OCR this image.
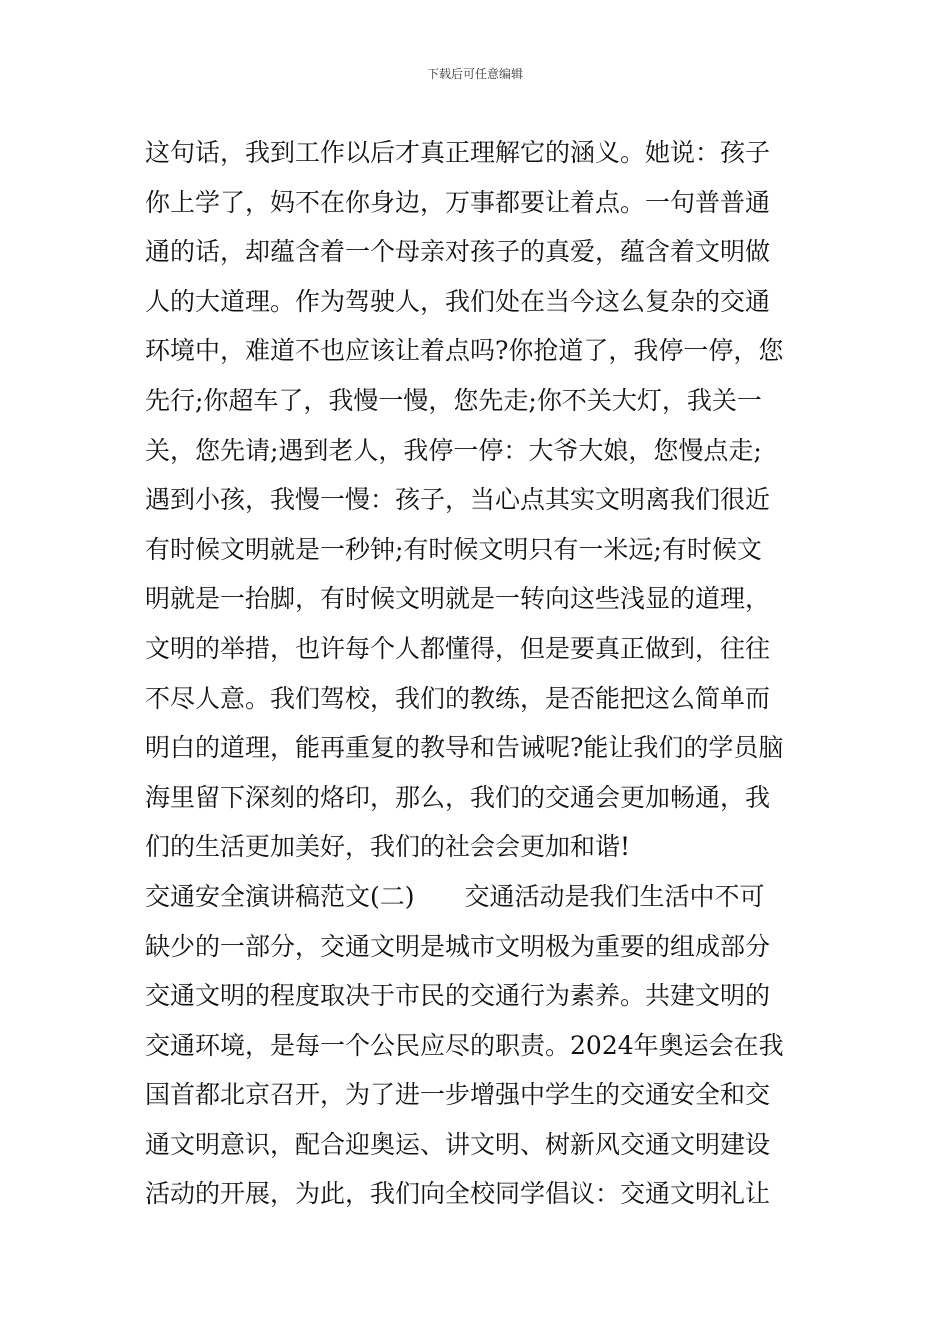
下载后可任意编辑
这句话，我到工作以后才真正理解它的涵义。她说：孩子
你上学了，妈不在你身边，万事都要让着点。一句普普通
通的话，却蕴含着一个母亲对孩子的真爱，蕴含着文明做
人的大道理。作为驾驶人，我们处在当今这么复杂的交通
环境中，难道不也应该让着点吗?你抢道了，我停一停，您
先行;你超车了，我慢一慢，您先走;你不关大灯，我关一
关，您先请;遇到老人，我停一停：大爷大娘，您慢点走;
遇到小孩，我慢一慢：孩子，当心点其实文明离我们很近
有时候文明就是一秒钟;有时候文明只有一米远;有时候文
明就是一抬脚，有时候文明就是一转向这些浅显的道理，
文明的举措，也许每个人都懂得，但是要真正做到，往往
不尽人意。我们驾校，我们的教练，是否能把这么简单而
明白的道理，能再重复的教导和告诫呢?能让我们的学员脑
海里留下深刻的烙印，那么，我们的交通会更加畅通，我
们的生活更加美好，我们的社会会更加和谐!
交通安全演讲稿范文(二)　　交通活动是我们生活中不可
缺少的一部分，交通文明是城市文明极为重要的组成部分
交通文明的程度取决于市民的交通行为素养。共建文明的
交通环境，是每一个公民应尽的职责。2024年奥运会在我
国首都北京召开，为了进一步增强中学生的交通安全和交
通文明意识，配合迎奥运、讲文明、树新风交通文明建设
活动的开展，为此，我们向全校同学倡议：交通文明礼让
